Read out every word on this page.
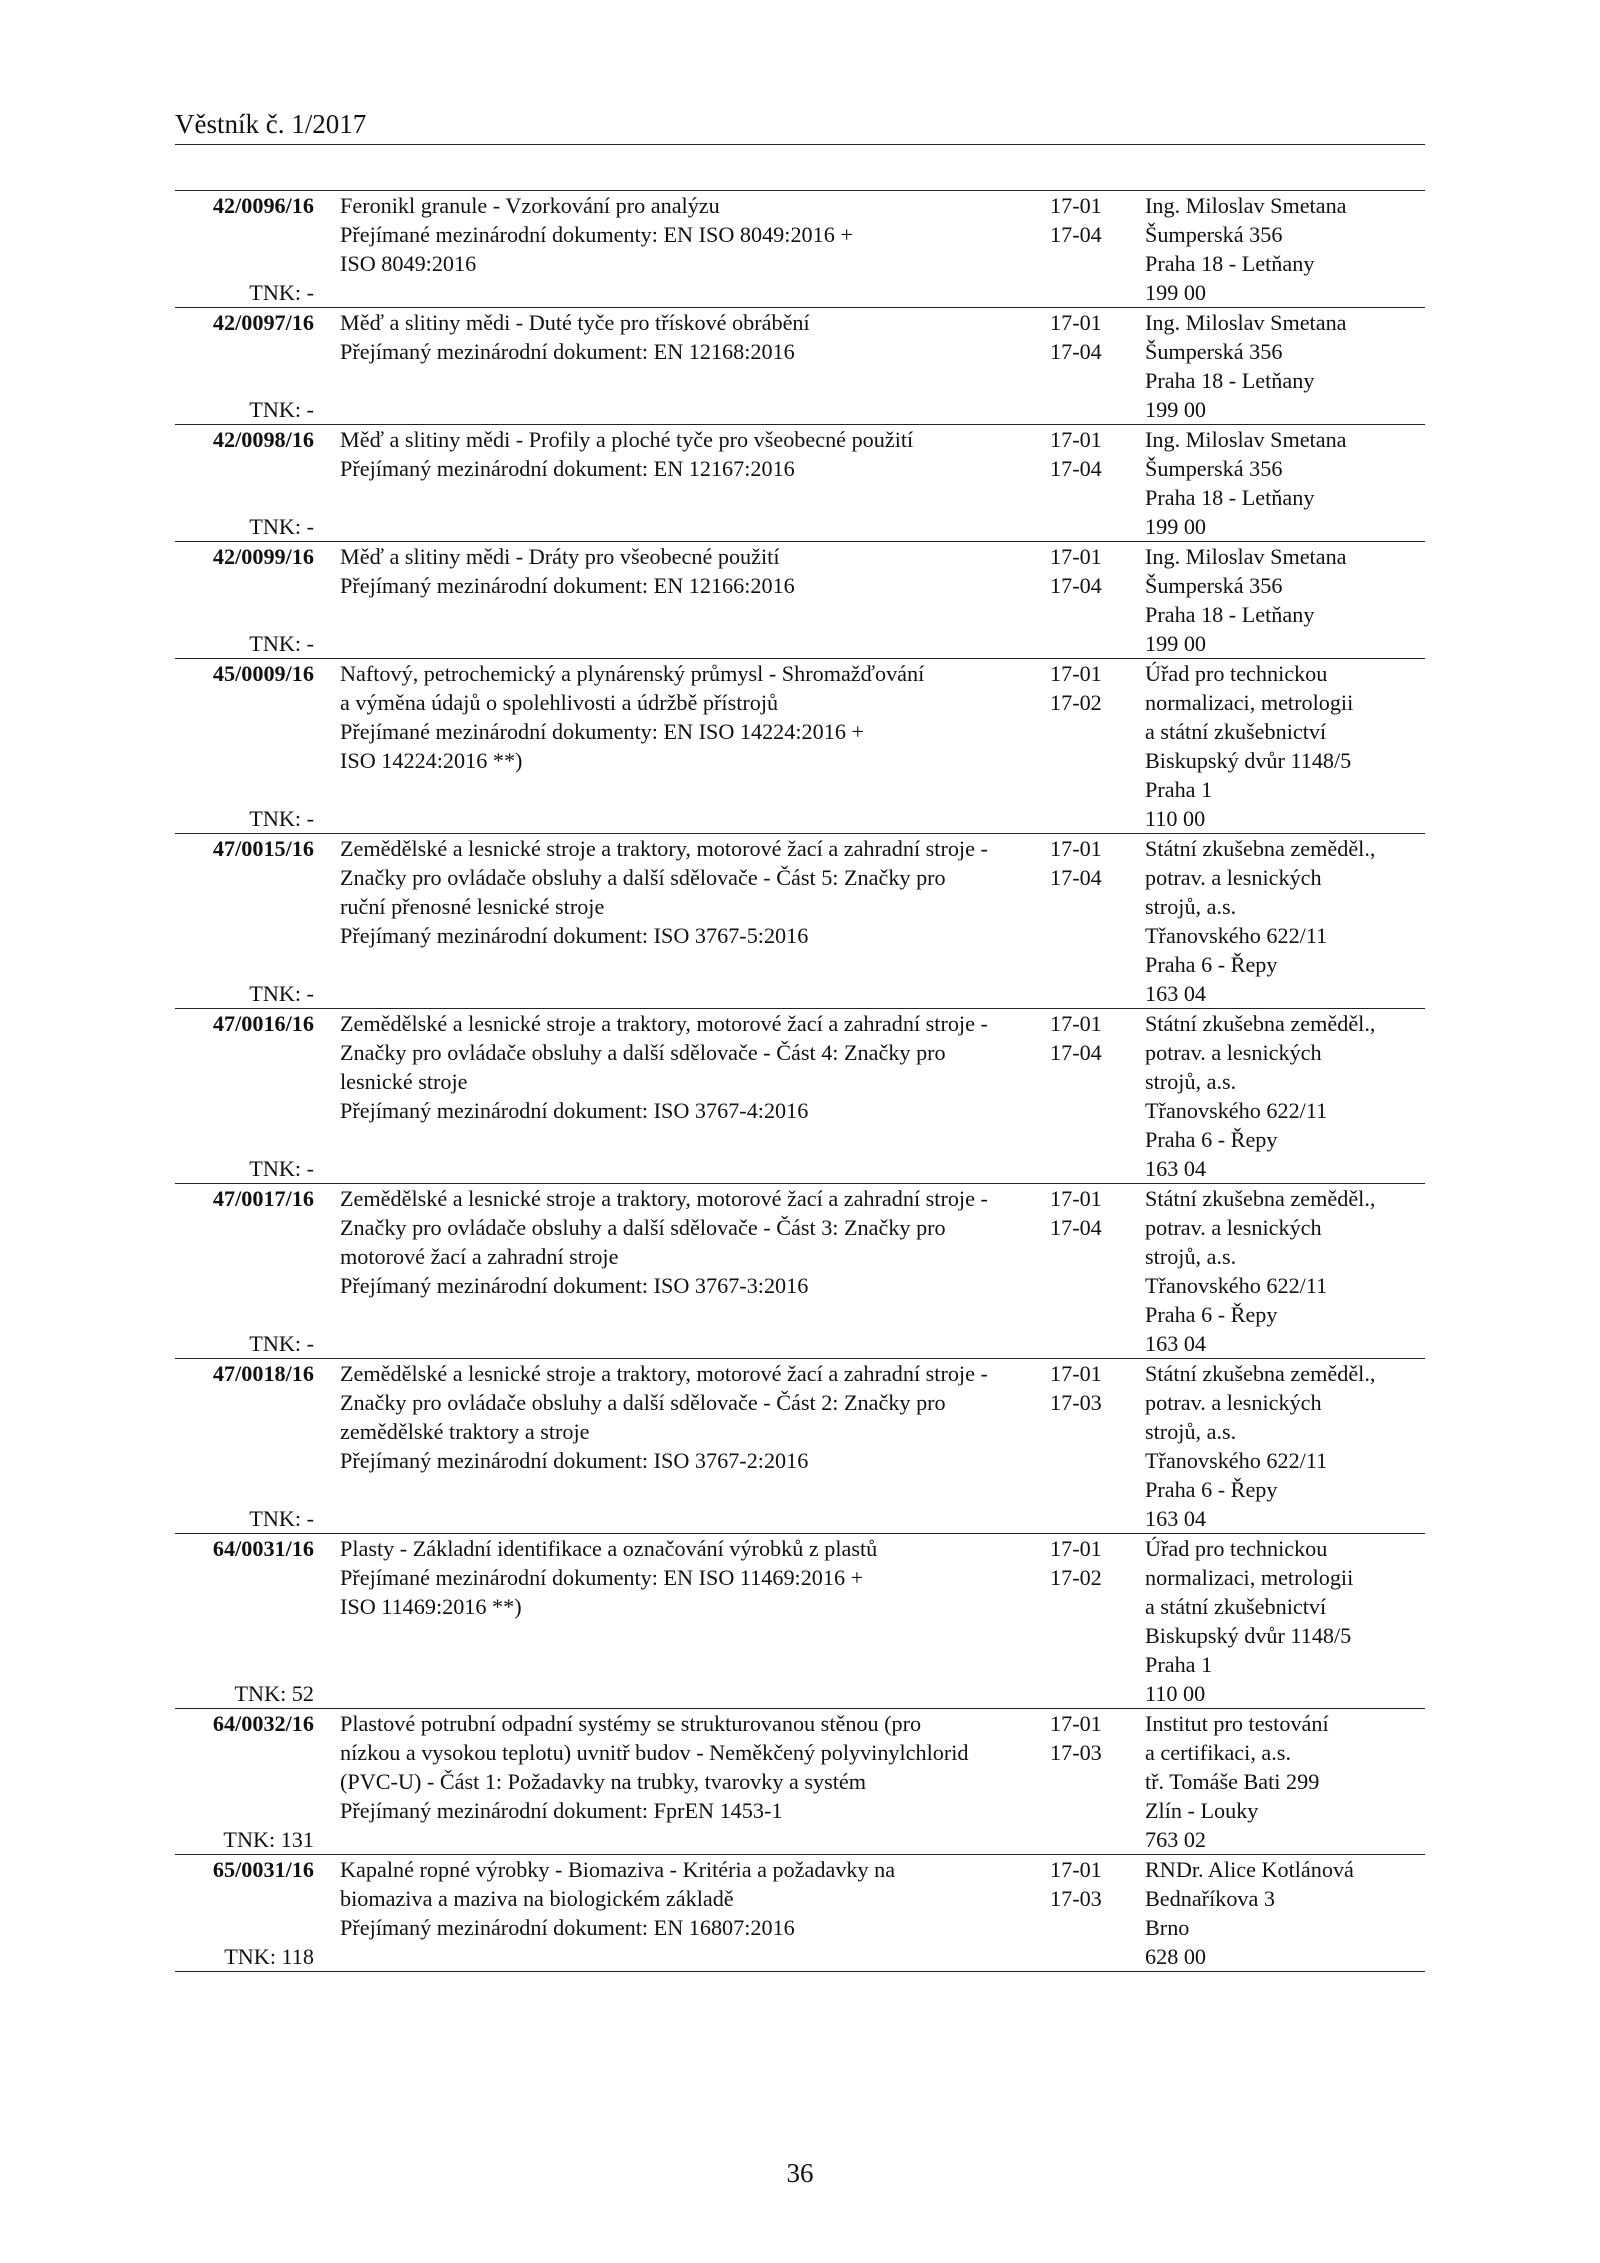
Věstník č. 1/2017
42/0096/16
TNK: -
Feronikl granule - Vzorkování pro analýzu
Přejímané mezinárodní dokumenty: EN ISO 8049:2016 +
ISO 8049:2016
17-01
17-04
Ing. Miloslav Smetana
Šumperská 356
Praha 18 - Letňany
199 00
42/0097/16
TNK: -
Měď a slitiny mědi - Duté tyče pro třískové obrábění
Přejímaný mezinárodní dokument: EN 12168:2016
17-01
17-04
Ing. Miloslav Smetana
Šumperská 356
Praha 18 - Letňany
199 00
42/0098/16
TNK: -
Měď a slitiny mědi - Profily a ploché tyče pro všeobecné použití
Přejímaný mezinárodní dokument: EN 12167:2016
17-01
17-04
Ing. Miloslav Smetana
Šumperská 356
Praha 18 - Letňany
199 00
42/0099/16
TNK: -
Měď a slitiny mědi - Dráty pro všeobecné použití
Přejímaný mezinárodní dokument: EN 12166:2016
17-01
17-04
Ing. Miloslav Smetana
Šumperská 356
Praha 18 - Letňany
199 00
45/0009/16
TNK: -
Naftový, petrochemický a plynárenský průmysl - Shromažďování
a výměna údajů o spolehlivosti a údržbě přístrojů
Přejímané mezinárodní dokumenty: EN ISO 14224:2016 +
ISO 14224:2016 **)
17-01
17-02
Úřad pro technickou
normalizaci, metrologii
a státní zkušebnictví
Biskupský dvůr 1148/5
Praha 1
110 00
47/0015/16
TNK: -
Zemědělské a lesnické stroje a traktory, motorové žací a zahradní stroje -
Značky pro ovládače obsluhy a další sdělovače - Část 5: Značky pro
ruční přenosné lesnické stroje
Přejímaný mezinárodní dokument: ISO 3767-5:2016
17-01
17-04
Státní zkušebna zeměděl.,
potrav. a lesnických
strojů, a.s.
Třanovského 622/11
Praha 6 - Řepy
163 04
47/0016/16
TNK: -
Zemědělské a lesnické stroje a traktory, motorové žací a zahradní stroje -
Značky pro ovládače obsluhy a další sdělovače - Část 4: Značky pro
lesnické stroje
Přejímaný mezinárodní dokument: ISO 3767-4:2016
17-01
17-04
Státní zkušebna zeměděl.,
potrav. a lesnických
strojů, a.s.
Třanovského 622/11
Praha 6 - Řepy
163 04
47/0017/16
TNK: -
Zemědělské a lesnické stroje a traktory, motorové žací a zahradní stroje -
Značky pro ovládače obsluhy a další sdělovače - Část 3: Značky pro
motorové žací a zahradní stroje
Přejímaný mezinárodní dokument: ISO 3767-3:2016
17-01
17-04
Státní zkušebna zeměděl.,
potrav. a lesnických
strojů, a.s.
Třanovského 622/11
Praha 6 - Řepy
163 04
47/0018/16
TNK: -
Zemědělské a lesnické stroje a traktory, motorové žací a zahradní stroje -
Značky pro ovládače obsluhy a další sdělovače - Část 2: Značky pro
zemědělské traktory a stroje
Přejímaný mezinárodní dokument: ISO 3767-2:2016
17-01
17-03
Státní zkušebna zeměděl.,
potrav. a lesnických
strojů, a.s.
Třanovského 622/11
Praha 6 - Řepy
163 04
64/0031/16
TNK: 52
Plasty - Základní identifikace a označování výrobků z plastů
Přejímané mezinárodní dokumenty: EN ISO 11469:2016 +
ISO 11469:2016 **)
17-01
17-02
Úřad pro technickou
normalizaci, metrologii
a státní zkušebnictví
Biskupský dvůr 1148/5
Praha 1
110 00
64/0032/16
TNK: 131
Plastové potrubní odpadní systémy se strukturovanou stěnou (pro
nízkou a vysokou teplotu) uvnitř budov - Neměkčený polyvinylchlorid
(PVC-U) - Část 1: Požadavky na trubky, tvarovky a systém
Přejímaný mezinárodní dokument: FprEN 1453-1
17-01
17-03
Institut pro testování
a certifikaci, a.s.
tř. Tomáše Bati 299
Zlín - Louky
763 02
65/0031/16
TNK: 118
Kapalné ropné výrobky - Biomaziva - Kritéria a požadavky na
biomaziva a maziva na biologickém základě
Přejímaný mezinárodní dokument: EN 16807:2016
17-01
17-03
RNDr. Alice Kotlánová
Bednaříkova 3
Brno
628 00
36
